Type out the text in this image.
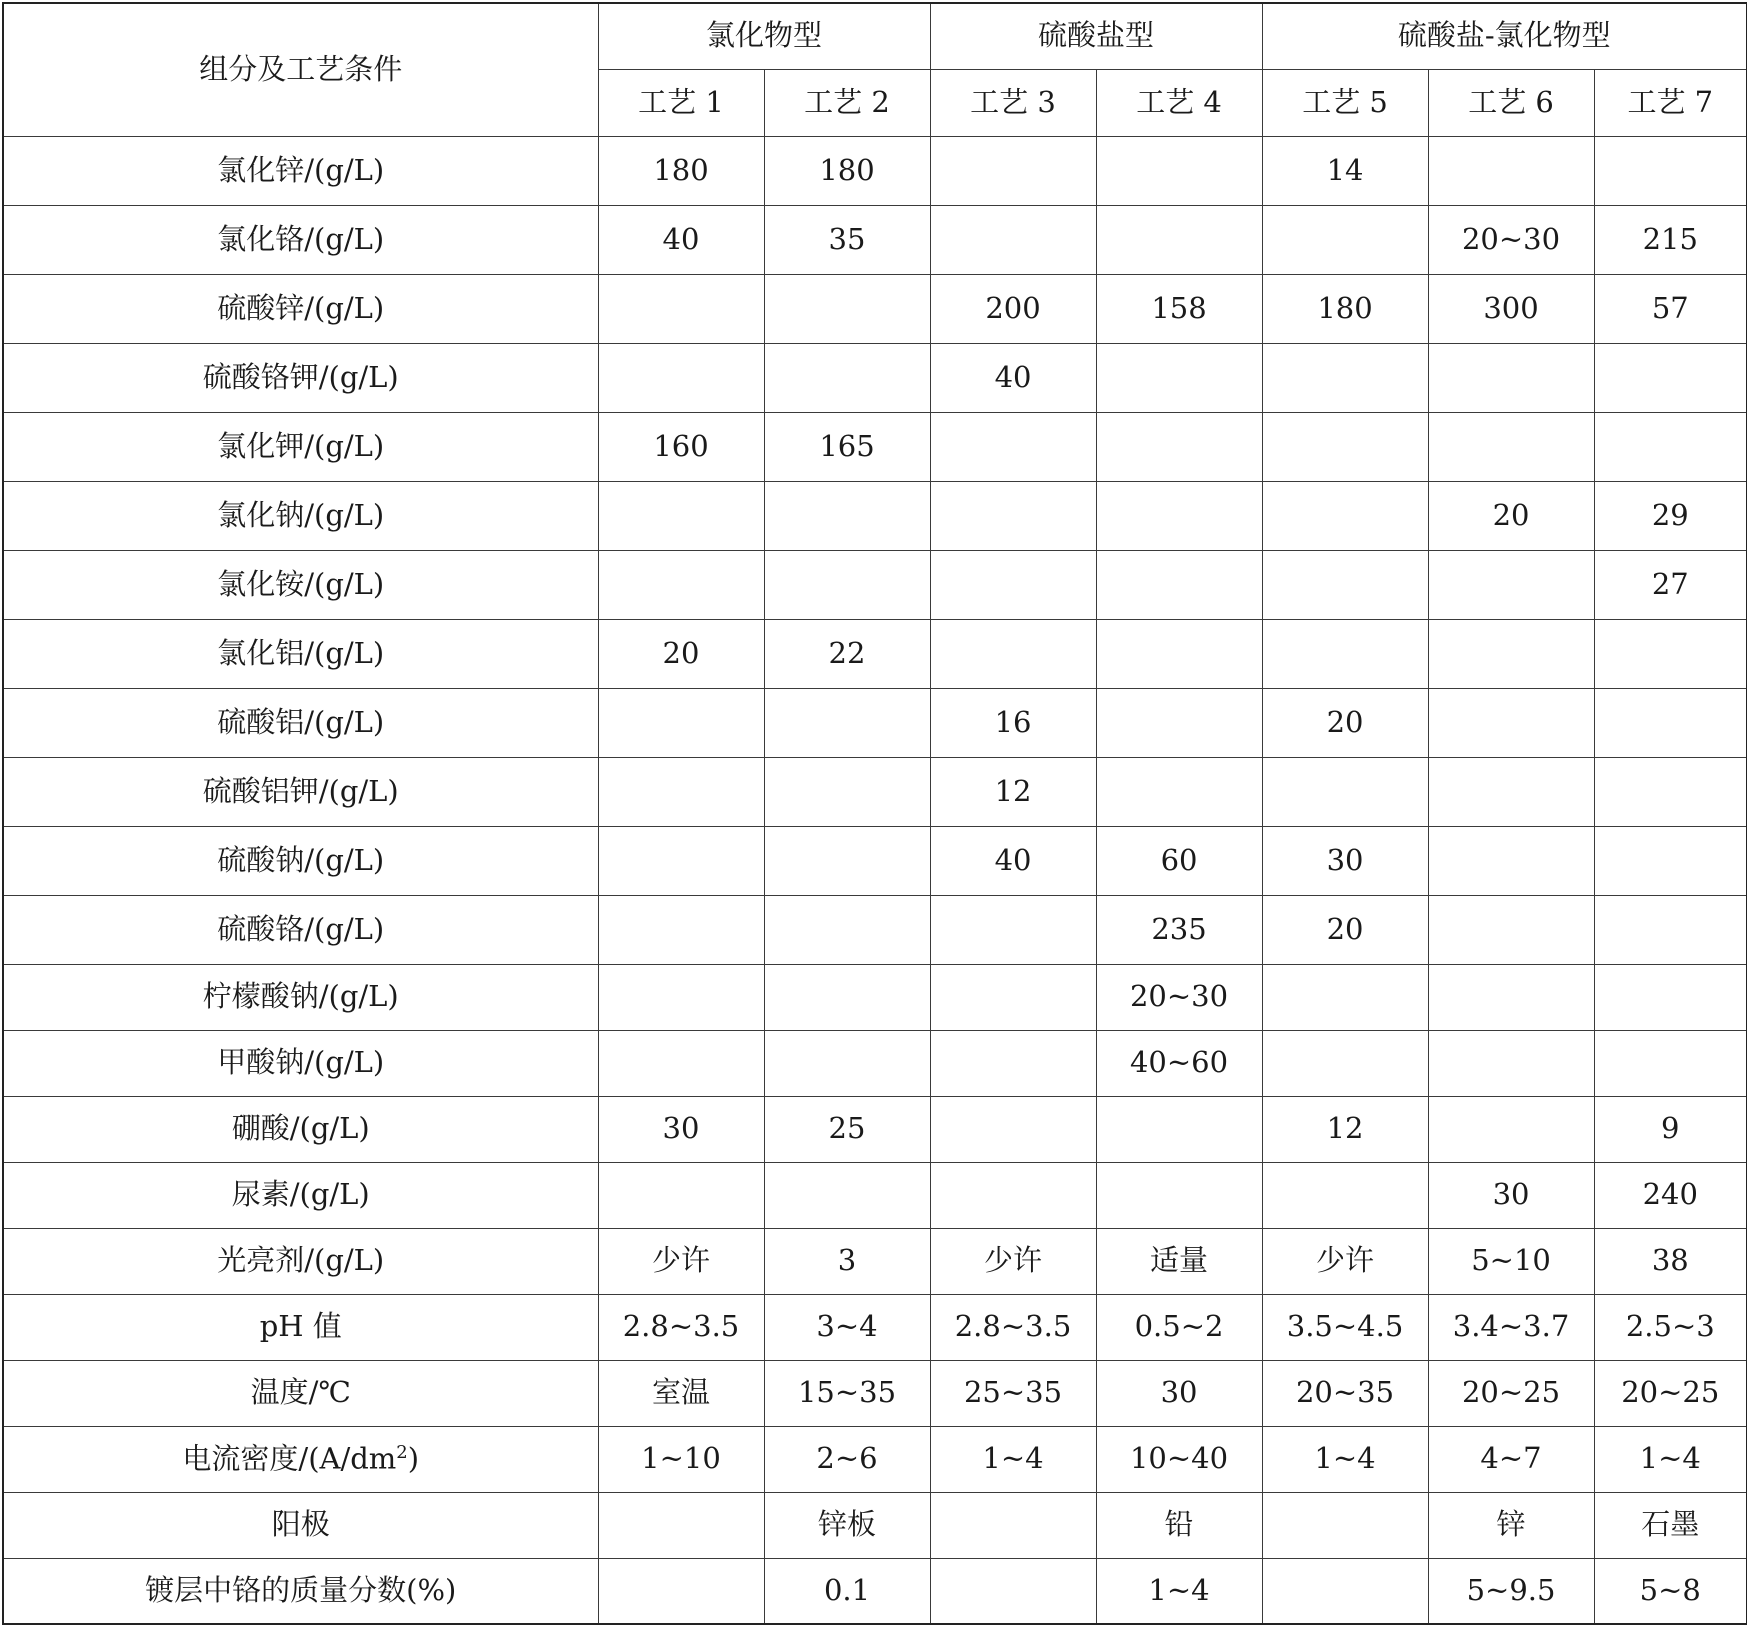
组分及工艺条件	氯化物型		硫酸盐型		硫酸盐-氯化物型		
	工艺 1	工艺 2	工艺 3	工艺 4	工艺 5	工艺 6	工艺 7
氯化锌/(g/L)	180	180			14		
氯化铬/(g/L)	40	35				20~30	215
硫酸锌/(g/L)			200	158	180	300	57
硫酸铬钾/(g/L)			40				
氯化钾/(g/L)	160	165					
氯化钠/(g/L)						20	29
氯化铵/(g/L)							27
氯化铝/(g/L)	20	22					
硫酸铝/(g/L)			16		20		
硫酸铝钾/(g/L)			12				
硫酸钠/(g/L)			40	60	30		
硫酸铬/(g/L)				235	20		
柠檬酸钠/(g/L)				20~30			
甲酸钠/(g/L)				40~60			
硼酸/(g/L)	30	25			12		9
尿素/(g/L)						30	240
光亮剂/(g/L)	少许	3	少许	适量	少许	5~10	38
pH 值	2.8~3.5	3~4	2.8~3.5	0.5~2	3.5~4.5	3.4~3.7	2.5~3
温度/℃	室温	15~35	25~35	30	20~35	20~25	20~25
电流密度$/(A/dm^2)$	1~10	2~6	1~4	10~40	1~4	4~7	1~4
阳极		锌板		铅		锌	石墨
镀层中铬的质量分数(%)		0.1		1~4		5~9.5	5~8
